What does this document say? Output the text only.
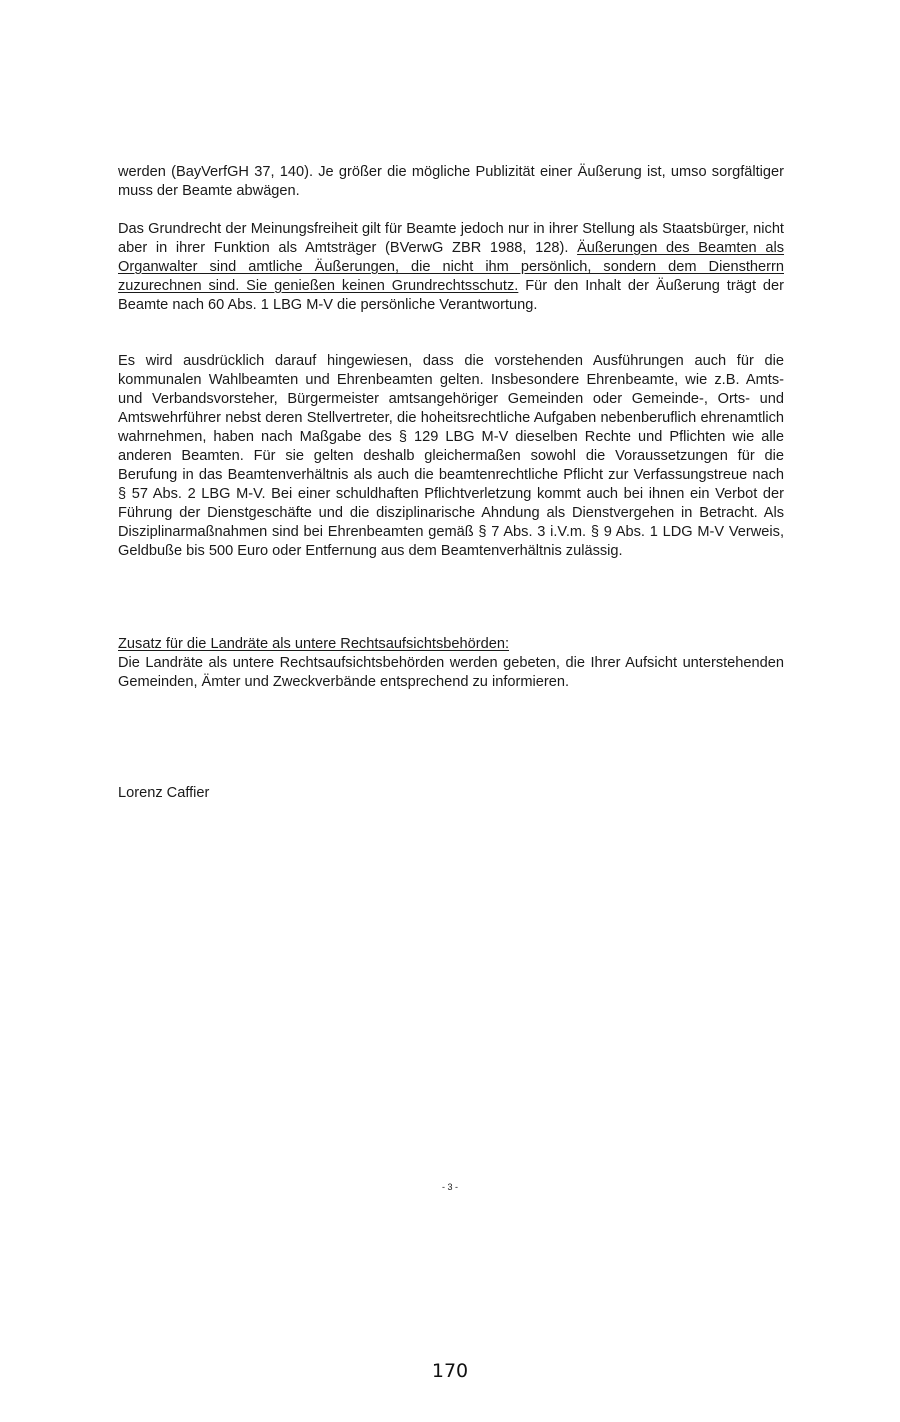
werden (BayVerfGH 37, 140). Je größer die mögliche Publizität einer Äußerung ist, umso sorgfältiger muss der Beamte abwägen.

Das Grundrecht der Meinungsfreiheit gilt für Beamte jedoch nur in ihrer Stellung als Staatsbürger, nicht aber in ihrer Funktion als Amtsträger (BVerwG ZBR 1988, 128). Äußerungen des Beamten als Organwalter sind amtliche Äußerungen, die nicht ihm persönlich, sondern dem Dienstherrn zuzurechnen sind. Sie genießen keinen Grundrechtsschutz. Für den Inhalt der Äußerung trägt der Beamte nach 60 Abs. 1 LBG M-V die persönliche Verantwortung.

Es wird ausdrücklich darauf hingewiesen, dass die vorstehenden Ausführungen auch für die kommunalen Wahlbeamten und Ehrenbeamten gelten. Insbesondere Ehrenbeamte, wie z.B. Amts- und Verbandsvorsteher, Bürgermeister amtsangehöriger Gemeinden oder Gemeinde-, Orts- und Amtswehrführer nebst deren Stellvertreter, die hoheitsrechtliche Aufgaben nebenberuflich ehrenamtlich wahrnehmen, haben nach Maßgabe des § 129 LBG M-V dieselben Rechte und Pflichten wie alle anderen Beamten. Für sie gelten deshalb gleichermaßen sowohl die Voraussetzungen für die Berufung in das Beamtenverhältnis als auch die beamtenrechtliche Pflicht zur Verfassungstreue nach § 57 Abs. 2 LBG M-V. Bei einer schuldhaften Pflichtverletzung kommt auch bei ihnen ein Verbot der Führung der Dienstgeschäfte und die disziplinarische Ahndung als Dienstvergehen in Betracht. Als Disziplinarmaßnahmen sind bei Ehrenbeamten gemäß § 7 Abs. 3 i.V.m. § 9 Abs. 1 LDG M-V Verweis, Geldbuße bis 500 Euro oder Entfernung aus dem Beamtenverhältnis zulässig.

Zusatz für die Landräte als untere Rechtsaufsichtsbehörden:
Die Landräte als untere Rechtsaufsichtsbehörden werden gebeten, die Ihrer Aufsicht unterstehenden Gemeinden, Ämter und Zweckverbände entsprechend zu informieren.

Lorenz Caffier

- 3 -

170
